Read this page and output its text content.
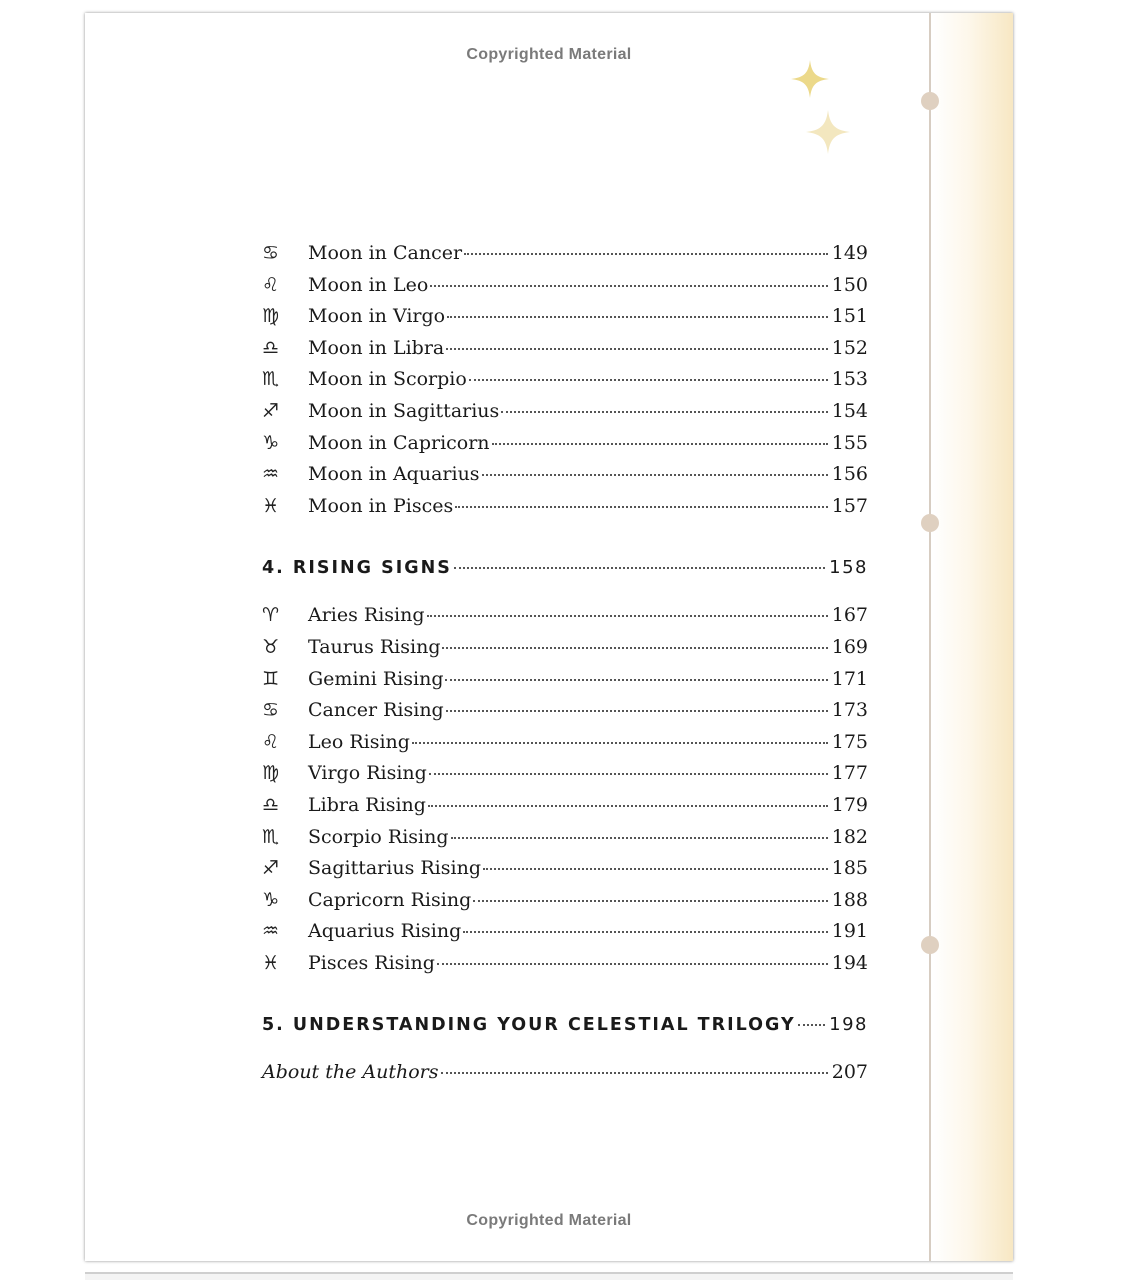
Copyrighted Material
♋	Moon in Cancer	149
♌	Moon in Leo	150
♍	Moon in Virgo	151
♎	Moon in Libra	152
♏	Moon in Scorpio	153
♐	Moon in Sagittarius	154
♑	Moon in Capricorn	155
♒	Moon in Aquarius	156
♓	Moon in Pisces	157
4. RISING SIGNS	158
♈	Aries Rising	167
♉	Taurus Rising	169
♊	Gemini Rising	171
♋	Cancer Rising	173
♌	Leo Rising	175
♍	Virgo Rising	177
♎	Libra Rising	179
♏	Scorpio Rising	182
♐	Sagittarius Rising	185
♑	Capricorn Rising	188
♒	Aquarius Rising	191
♓	Pisces Rising	194
5. UNDERSTANDING YOUR CELESTIAL TRILOGY 198
About the Authors	207
Copyrighted Material
